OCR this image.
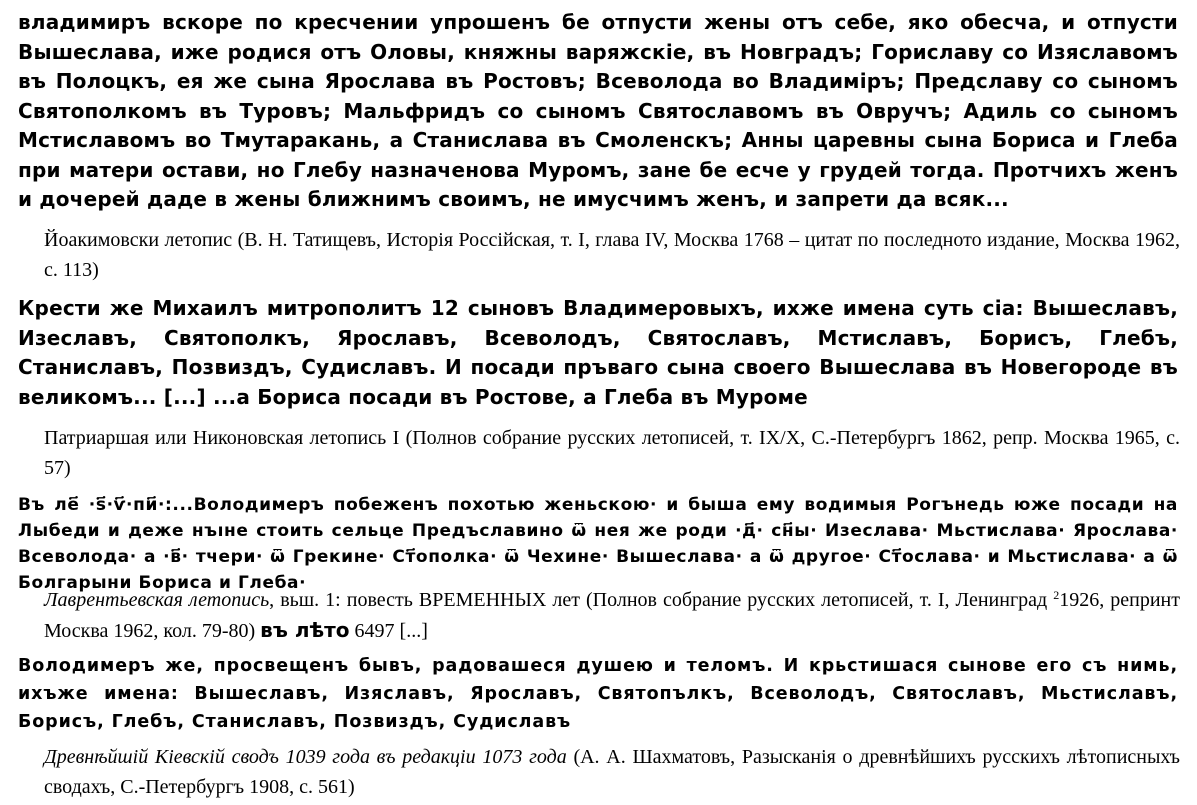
владимиръ вскоре по кресчении упрошенъ бе отпусти жены отъ себе, яко обесча, и отпусти Вышеслава, иже родися отъ Оловы, княжны варяжскіе, въ Новградъ; Гориславу со Изяславомъ въ Полоцкъ, ея же сына Ярослава въ Ростовъ; Всеволода во Владиміръ; Предславу со сыномъ Святополкомъ въ Туровъ; Мальфридъ со сыномъ Святославомъ въ Овручъ; Адиль со сыномъ Мстиславомъ во Тмутаракань, а Станислава въ Смоленскъ; Анны царевны сына Бориса и Глеба при матери остави, но Глебу назначенова Муромъ, зане бе есче у грудей тогда. Протчихъ женъ и дочерей даде в жены ближнимъ своимъ, не имусчимъ женъ, и запрети да всяк...
Йоакимовски летопис (В. Н. Татищевъ, Исторія Россійская, т. I, глава IV, Москва 1768 – цитат по последното издание, Москва 1962, с. 113)
Крести же Михаилъ митрополитъ 12 сыновъ Владимеровыхъ, ихже имена суть сіа: Вышеславъ, Изеславъ, Святополкъ, Ярославъ, Всеволодъ, Святославъ, Мстиславъ, Борисъ, Глебъ, Станиславъ, Позвиздъ, Судиславъ. И посади пръваго сына своего Вышеслава въ Новегороде въ великомъ... [...] ...а Бориса посади въ Ростове, а Глеба въ Муроме
Патриаршая или Никоновская летопись I (Полнов собрание русских летописей, т. IX/X, С.-Петербургъ 1862, репр. Москва 1965, с. 57)
Въ ле҃ ·ѕ҃·ѵ҃·пи҃·:...Володимеръ побеженъ похотью женьскою· и быша ему водимыя Рогънедь юже посади на Лыбеди и деже нъıне стоить сельце Предъславино ѿ нея же роди ·д҃· сн҃ы· Изеслава· Мьстислава· Ярослава· Всеволода· а ·в҃· тчери· ѿ Грекине· Ст҃ополка· ѿ Чехине· Вышеслава· а ѿ другое· Ст҃ослава· и Мьстислава· а ѿ Болгарыни Бориса и Глеба·
Лаврентьевская летопись, вьш. 1: повесть ВРЕМЕННЫХ лет (Полнов собрание русских летописей, т. I, Ленинград $^2$1926, репринт Москва 1962, кол. 79-80) въ лѣто 6497 [...]
Володимеръ же, просвещенъ бывъ, радовашеся душею и теломъ. И крьстишася сынове его съ нимь, ихъже имена: Вышеславъ, Изяславъ, Ярославъ, Святопълкъ, Всеволодъ, Святославъ, Мьстиславъ, Борисъ, Глебъ, Станиславъ, Позвиздъ, Судиславъ
Древнѣйшій Кіевскій сводъ 1039 года въ редакціи 1073 года (А. А. Шахматовъ, Разысканія о древнѣйшихъ русскихъ лѣтописныхъ сводахъ, С.-Петербургъ 1908, с. 561)
